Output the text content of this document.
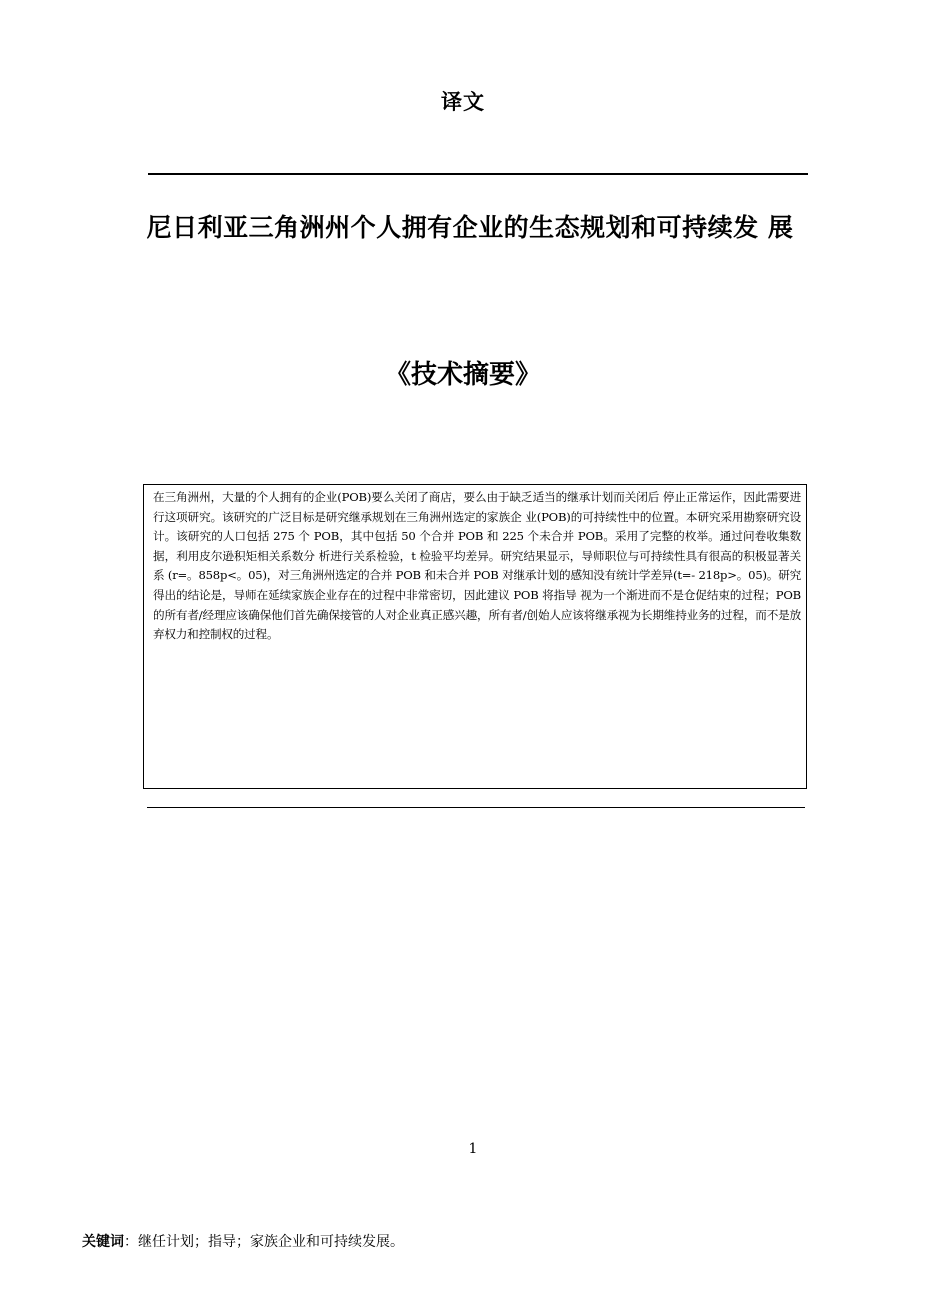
译文
尼日利亚三角洲州个人拥有企业的生态规划和可持续发 展
《技术摘要》

在三角洲州，大量的个人拥有的企业(POB)要么关闭了商店，要么由于缺乏适当的继承计划而关闭后 停止正常运作，因此需要进行这项研究。该研究的广泛目标是研究继承规划在三角洲州选定的家族企 业(POB)的可持续性中的位置。本研究采用勘察研究设计。该研究的人口包括 275 个 POB，其中包括 50 个合并 POB 和 225 个未合并 POB。采用了完整的枚举。通过问卷收集数据，利用皮尔逊积矩相关系数分 析进行关系检验，t 检验平均差异。研究结果显示，导师职位与可持续性具有很高的积极显著关系 (r=。858p<。05)，对三角洲州选定的合并 POB 和未合并 POB 对继承计划的感知没有统计学差异(t=- 218p>。05)。研究得出的结论是，导师在延续家族企业存在的过程中非常密切，因此建议 POB 将指导 视为一个渐进而不是仓促结束的过程；POB 的所有者/经理应该确保他们首先确保接管的人对企业真正感兴趣，所有者/创始人应该将继承视为长期维持业务的过程，而不是放弃权力和控制权的过程。

1
关键词：继任计划；指导；家族企业和可持续发展。
